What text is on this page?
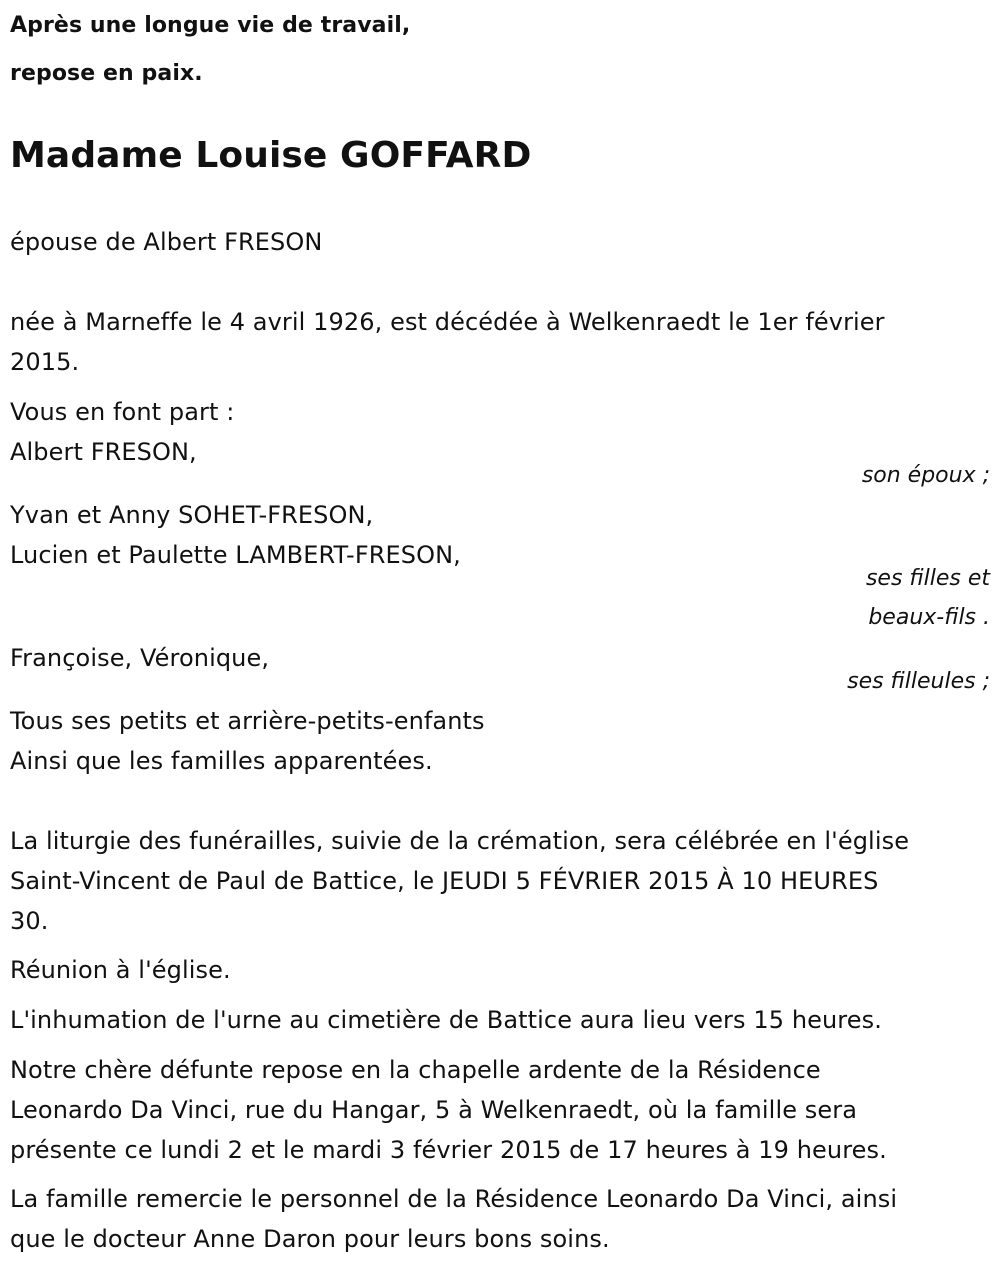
Après une longue vie de travail,
repose en paix.
Madame Louise GOFFARD
épouse de Albert FRESON
née à Marneffe le 4 avril 1926, est décédée à Welkenraedt le 1er février
2015.
Vous en font part :
Albert FRESON,
son époux ;
Yvan et Anny SOHET-FRESON,
Lucien et Paulette LAMBERT-FRESON,
ses filles et
beaux-fils .
Françoise, Véronique,
ses filleules ;
Tous ses petits et arrière-petits-enfants
Ainsi que les familles apparentées.
La liturgie des funérailles, suivie de la crémation, sera célébrée en l'église
Saint-Vincent de Paul de Battice, le JEUDI 5 FÉVRIER 2015 À 10 HEURES
30.
Réunion à l'église.
L'inhumation de l'urne au cimetière de Battice aura lieu vers 15 heures.
Notre chère défunte repose en la chapelle ardente de la Résidence
Leonardo Da Vinci, rue du Hangar, 5 à Welkenraedt, où la famille sera
présente ce lundi 2 et le mardi 3 février 2015 de 17 heures à 19 heures.
La famille remercie le personnel de la Résidence Leonardo Da Vinci, ainsi
que le docteur Anne Daron pour leurs bons soins.
